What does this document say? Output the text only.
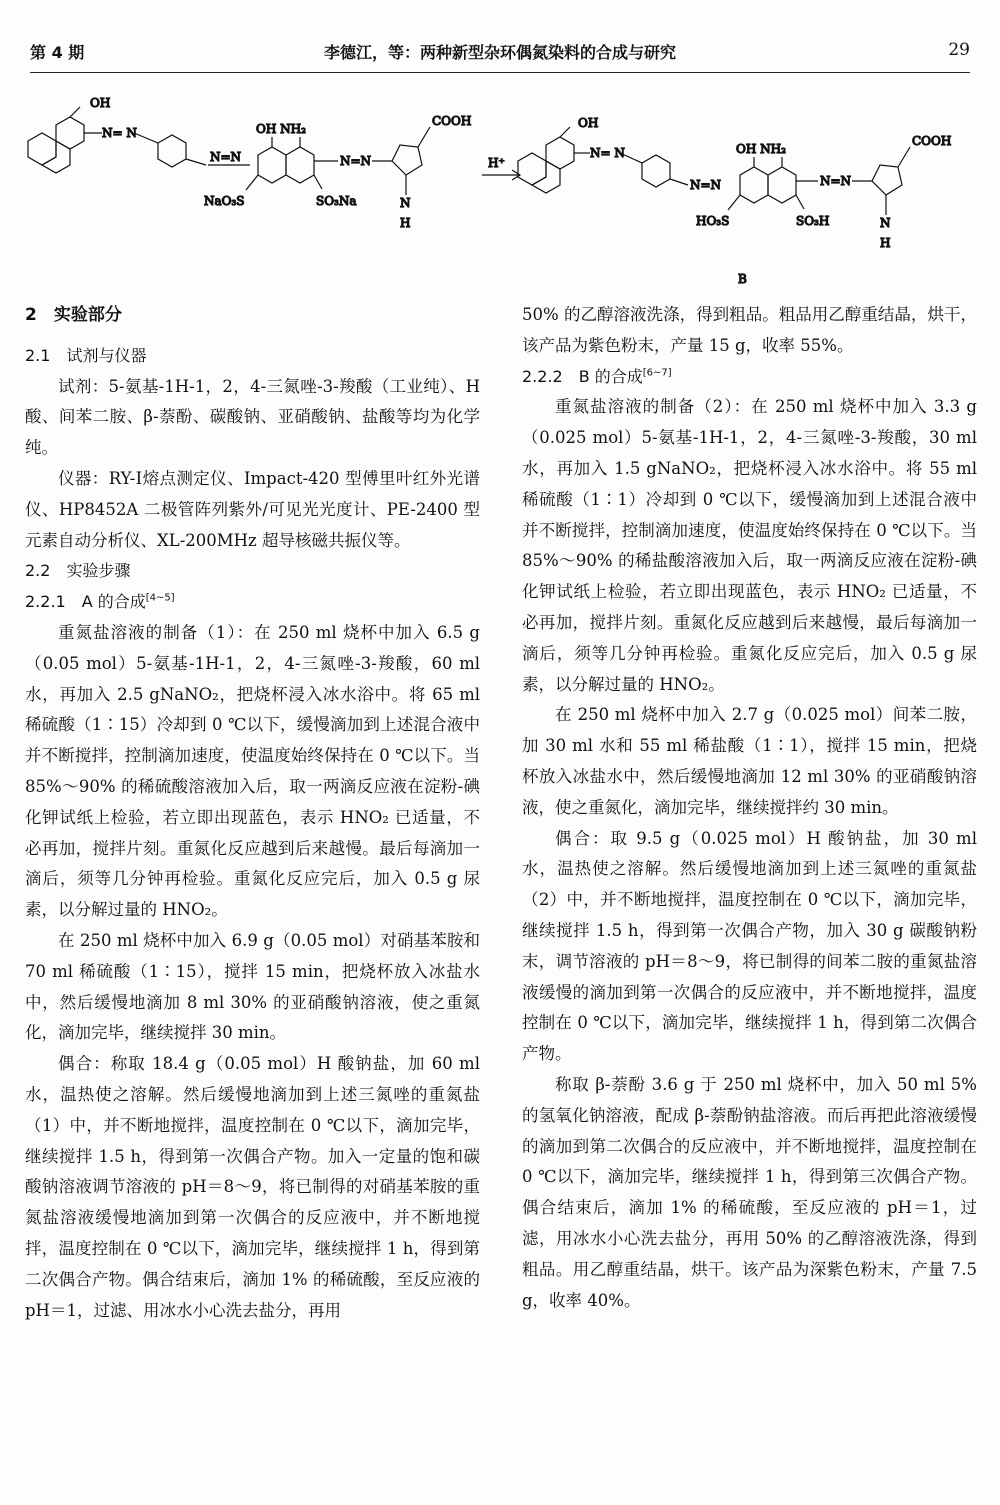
第 4 期	李德江，等：两种新型杂环偶氮染料的合成与研究	29
OH
N= N
N=N
OH NH₂
NaO₃S	SO₃Na
N=N
COOH
N
H
H⁺
OH
N= N
N=N
OH NH₂
HO₃S	SO₃H
N=N
COOH
N
H
B

2　实验部分

2.1　试剂与仪器

试剂：5-氨基-1H-1，2，4-三氮唑-3-羧酸（工业纯）、H 酸、间苯二胺、β-萘酚、碳酸钠、亚硝酸钠、盐酸等均为化学纯。

仪器：RY-Ⅰ熔点测定仪、Impact-420 型傅里叶红外光谱仪、HP8452A 二极管阵列紫外/可见光光度计、PE-2400 型元素自动分析仪、XL-200MHz 超导核磁共振仪等。

2.2　实验步骤

2.2.1　A 的合成[4~5]

重氮盐溶液的制备（1）：在 250 ml 烧杯中加入 6.5 g（0.05 mol）5-氨基-1H-1，2，4-三氮唑-3-羧酸，60 ml 水，再加入 2.5 gNaNO₂，把烧杯浸入冰水浴中。将 65 ml 稀硫酸（1∶15）冷却到 0 ℃以下，缓慢滴加到上述混合液中并不断搅拌，控制滴加速度，使温度始终保持在 0 ℃以下。当 85%～90% 的稀硫酸溶液加入后，取一两滴反应液在淀粉-碘化钾试纸上检验，若立即出现蓝色，表示 HNO₂ 已适量，不必再加，搅拌片刻。重氮化反应越到后来越慢。最后每滴加一滴后，须等几分钟再检验。重氮化反应完后，加入 0.5 g 尿素，以分解过量的 HNO₂。

在 250 ml 烧杯中加入 6.9 g（0.05 mol）对硝基苯胺和 70 ml 稀硫酸（1∶15），搅拌 15 min，把烧杯放入冰盐水中，然后缓慢地滴加 8 ml 30% 的亚硝酸钠溶液，使之重氮化，滴加完毕，继续搅拌 30 min。

偶合：称取 18.4 g（0.05 mol）H 酸钠盐，加 60 ml 水，温热使之溶解。然后缓慢地滴加到上述三氮唑的重氮盐（1）中，并不断地搅拌，温度控制在 0 ℃以下，滴加完毕，继续搅拌 1.5 h，得到第一次偶合产物。加入一定量的饱和碳酸钠溶液调节溶液的 pH＝8～9，将已制得的对硝基苯胺的重氮盐溶液缓慢地滴加到第一次偶合的反应液中，并不断地搅拌，温度控制在 0 ℃以下，滴加完毕，继续搅拌 1 h，得到第二次偶合产物。偶合结束后，滴加 1% 的稀硫酸，至反应液的 pH＝1，过滤、用冰水小心洗去盐分，再用

50% 的乙醇溶液洗涤，得到粗品。粗品用乙醇重结晶，烘干，该产品为紫色粉末，产量 15 g，收率 55%。

2.2.2　B 的合成[6~7]

重氮盐溶液的制备（2）：在 250 ml 烧杯中加入 3.3 g（0.025 mol）5-氨基-1H-1，2，4-三氮唑-3-羧酸，30 ml 水，再加入 1.5 gNaNO₂，把烧杯浸入冰水浴中。将 55 ml 稀硫酸（1∶1）冷却到 0 ℃以下，缓慢滴加到上述混合液中并不断搅拌，控制滴加速度，使温度始终保持在 0 ℃以下。当 85%～90% 的稀盐酸溶液加入后，取一两滴反应液在淀粉-碘化钾试纸上检验，若立即出现蓝色，表示 HNO₂ 已适量，不必再加，搅拌片刻。重氮化反应越到后来越慢，最后每滴加一滴后，须等几分钟再检验。重氮化反应完后，加入 0.5 g 尿素，以分解过量的 HNO₂。

在 250 ml 烧杯中加入 2.7 g（0.025 mol）间苯二胺，加 30 ml 水和 55 ml 稀盐酸（1∶1），搅拌 15 min，把烧杯放入冰盐水中，然后缓慢地滴加 12 ml 30% 的亚硝酸钠溶液，使之重氮化，滴加完毕，继续搅拌约 30 min。

偶合：取 9.5 g（0.025 mol）H 酸钠盐，加 30 ml 水，温热使之溶解。然后缓慢地滴加到上述三氮唑的重氮盐（2）中，并不断地搅拌，温度控制在 0 ℃以下，滴加完毕，继续搅拌 1.5 h，得到第一次偶合产物，加入 30 g 碳酸钠粉末，调节溶液的 pH＝8～9，将已制得的间苯二胺的重氮盐溶液缓慢的滴加到第一次偶合的反应液中，并不断地搅拌，温度控制在 0 ℃以下，滴加完毕，继续搅拌 1 h，得到第二次偶合产物。

称取 β-萘酚 3.6 g 于 250 ml 烧杯中，加入 50 ml 5% 的氢氧化钠溶液，配成 β-萘酚钠盐溶液。而后再把此溶液缓慢的滴加到第二次偶合的反应液中，并不断地搅拌，温度控制在 0 ℃以下，滴加完毕，继续搅拌 1 h，得到第三次偶合产物。偶合结束后，滴加 1% 的稀硫酸，至反应液的 pH＝1，过滤，用冰水小心洗去盐分，再用 50% 的乙醇溶液洗涤，得到粗品。用乙醇重结晶，烘干。该产品为深紫色粉末，产量 7.5 g，收率 40%。
